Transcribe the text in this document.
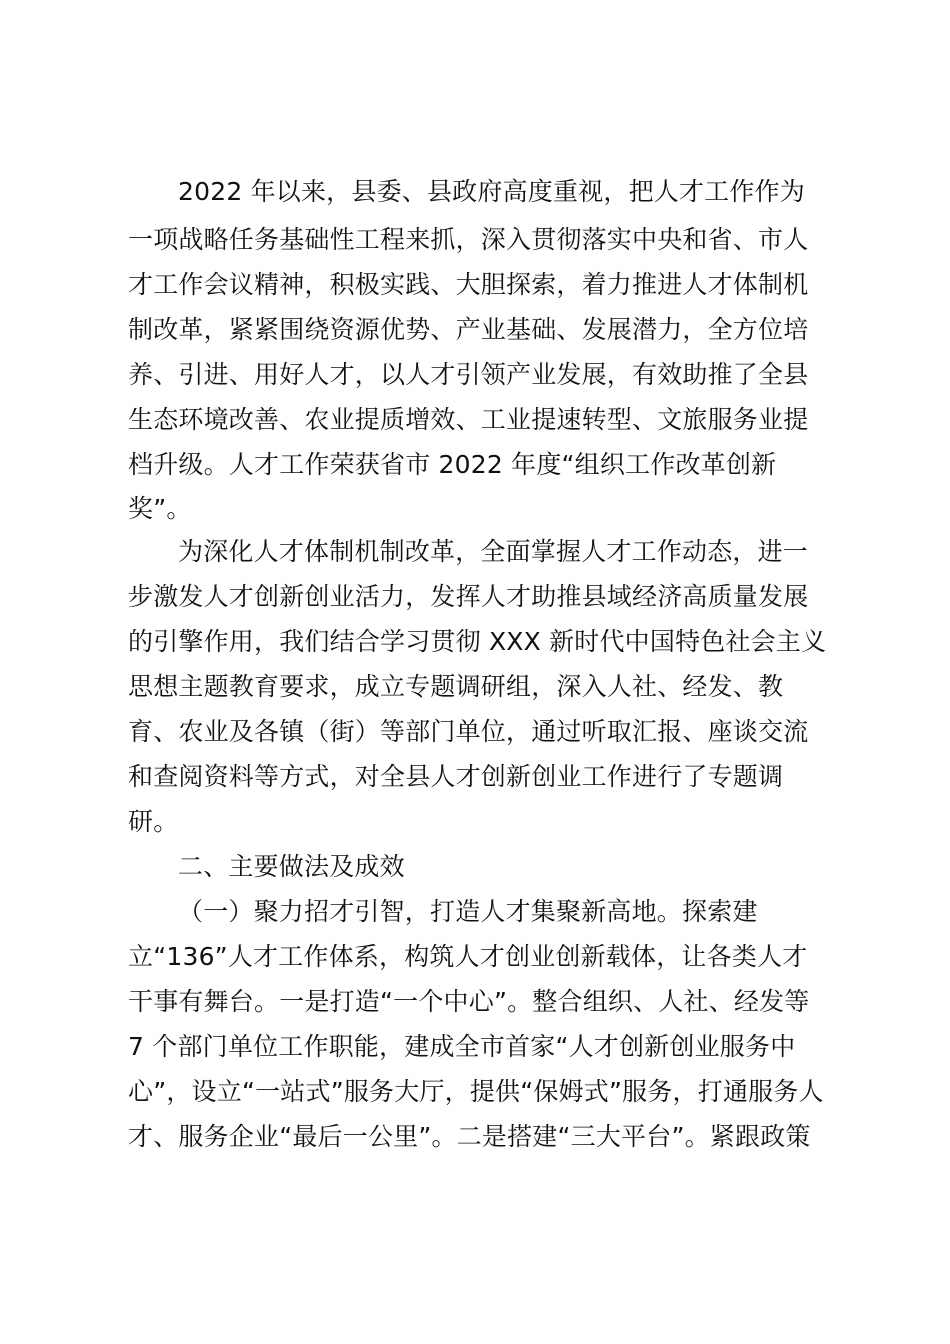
2022 年以来，县委、县政府高度重视，把人才工作作为
一项战略任务基础性工程来抓，深入贯彻落实中央和省、市人
才工作会议精神，积极实践、大胆探索，着力推进人才体制机
制改革，紧紧围绕资源优势、产业基础、发展潜力，全方位培
养、引进、用好人才，以人才引领产业发展，有效助推了全县
生态环境改善、农业提质增效、工业提速转型、文旅服务业提
档升级。人才工作荣获省市 2022 年度“组织工作改革创新
奖”。
为深化人才体制机制改革，全面掌握人才工作动态，进一
步激发人才创新创业活力，发挥人才助推县域经济高质量发展
的引擎作用，我们结合学习贯彻 XXX 新时代中国特色社会主义
思想主题教育要求，成立专题调研组，深入人社、经发、教
育、农业及各镇（街）等部门单位，通过听取汇报、座谈交流
和查阅资料等方式，对全县人才创新创业工作进行了专题调
研。
二、主要做法及成效
（一）聚力招才引智，打造人才集聚新高地。探索建
立“136”人才工作体系，构筑人才创业创新载体，让各类人才
干事有舞台。一是打造“一个中心”。整合组织、人社、经发等
7 个部门单位工作职能，建成全市首家“人才创新创业服务中
心”，设立“一站式”服务大厅，提供“保姆式”服务，打通服务人
才、服务企业“最后一公里”。二是搭建“三大平台”。紧跟政策
